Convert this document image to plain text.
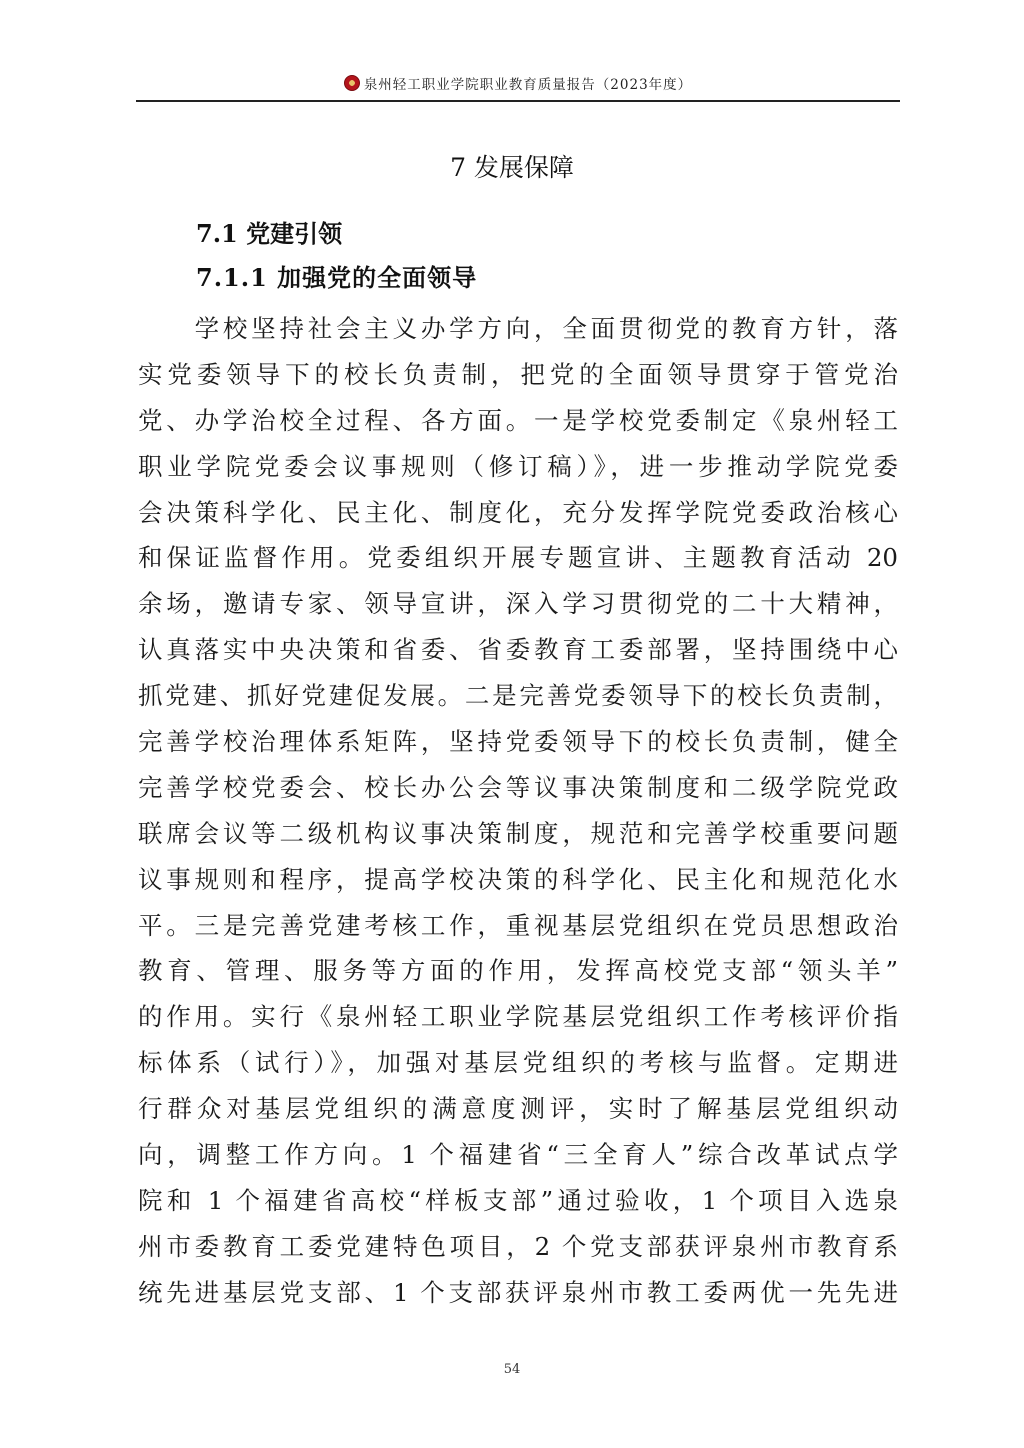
泉州轻工职业学院职业教育质量报告（2023年度）
7 发展保障
7.1 党建引领
7.1.1 加强党的全面领导
　　学校坚持社会主义办学方向，全面贯彻党的教育方针，落
实党委领导下的校长负责制，把党的全面领导贯穿于管党治
党、办学治校全过程、各方面。一是学校党委制定《泉州轻工
职业学院党委会议事规则（修订稿）》，进一步推动学院党委
会决策科学化、民主化、制度化，充分发挥学院党委政治核心
和保证监督作用。党委组织开展专题宣讲、主题教育活动 20
余场，邀请专家、领导宣讲，深入学习贯彻党的二十大精神，
认真落实中央决策和省委、省委教育工委部署，坚持围绕中心
抓党建、抓好党建促发展。二是完善党委领导下的校长负责制，
完善学校治理体系矩阵，坚持党委领导下的校长负责制，健全
完善学校党委会、校长办公会等议事决策制度和二级学院党政
联席会议等二级机构议事决策制度，规范和完善学校重要问题
议事规则和程序，提高学校决策的科学化、民主化和规范化水
平。三是完善党建考核工作，重视基层党组织在党员思想政治
教育、管理、服务等方面的作用，发挥高校党支部“领头羊”
的作用。实行《泉州轻工职业学院基层党组织工作考核评价指
标体系（试行）》，加强对基层党组织的考核与监督。定期进
行群众对基层党组织的满意度测评，实时了解基层党组织动
向，调整工作方向。1 个福建省“三全育人”综合改革试点学
院和 1 个福建省高校“样板支部”通过验收，1 个项目入选泉
州市委教育工委党建特色项目，2 个党支部获评泉州市教育系
统先进基层党支部、1 个支部获评泉州市教工委两优一先先进
54
